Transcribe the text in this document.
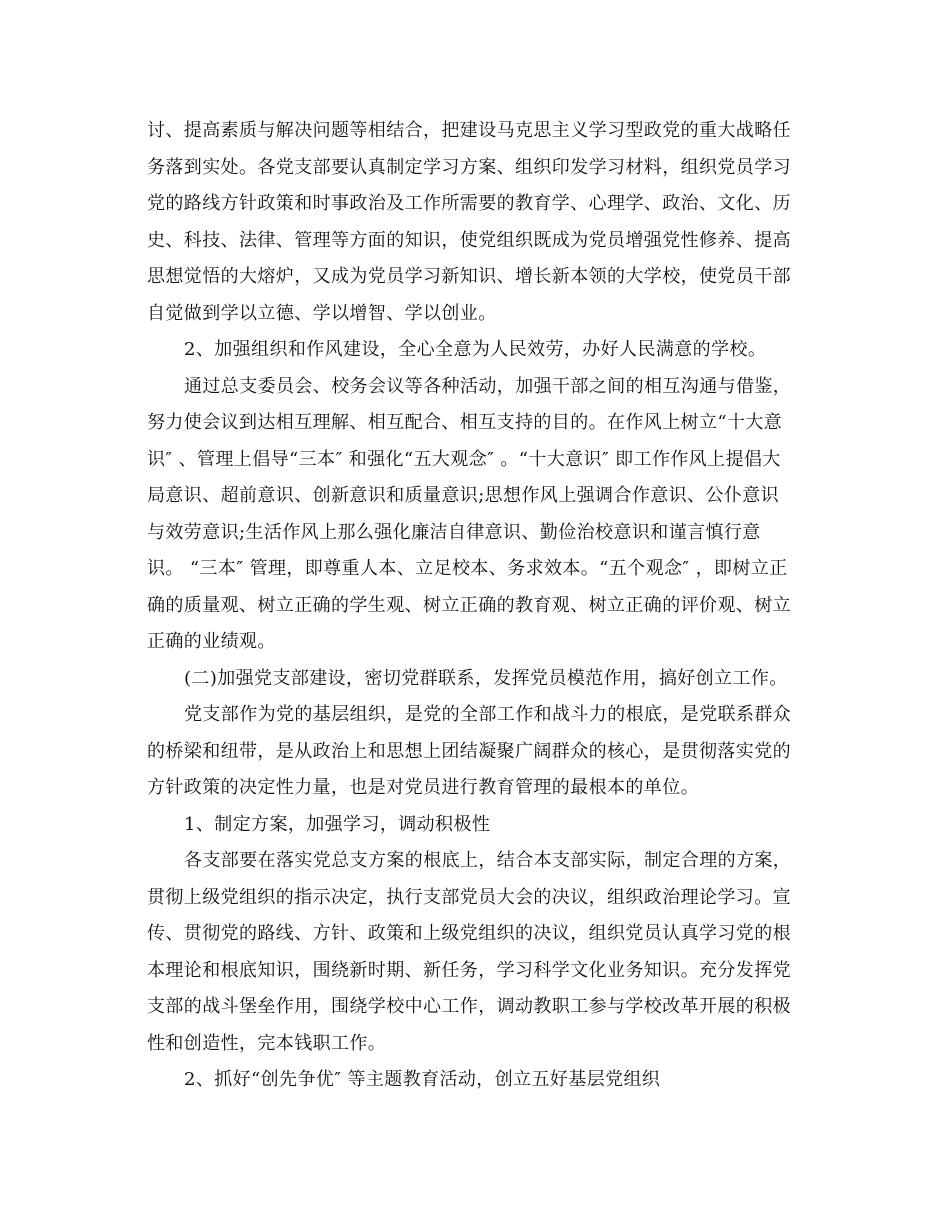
讨、提高素质与解决问题等相结合，把建设马克思主义学习型政党的重大战略任
务落到实处。各党支部要认真制定学习方案、组织印发学习材料，组织党员学习
党的路线方针政策和时事政治及工作所需要的教育学、心理学、政治、文化、历
史、科技、法律、管理等方面的知识，使党组织既成为党员增强党性修养、提高
思想觉悟的大熔炉，又成为党员学习新知识、增长新本领的大学校，使党员干部
自觉做到学以立德、学以增智、学以创业。
2、加强组织和作风建设，全心全意为人民效劳，办好人民满意的学校。
通过总支委员会、校务会议等各种活动，加强干部之间的相互沟通与借鉴，
努力使会议到达相互理解、相互配合、相互支持的目的。在作风上树立“十大意
识″ 、管理上倡导“三本″ 和强化“五大观念″ 。“十大意识″ 即工作作风上提倡大
局意识、超前意识、创新意识和质量意识;思想作风上强调合作意识、公仆意识
与效劳意识;生活作风上那么强化廉洁自律意识、勤俭治校意识和谨言慎行意
识。 “三本″ 管理，即尊重人本、立足校本、务求效本。“五个观念″ ，即树立正
确的质量观、树立正确的学生观、树立正确的教育观、树立正确的评价观、树立
正确的业绩观。
(二)加强党支部建设，密切党群联系，发挥党员模范作用，搞好创立工作。
党支部作为党的基层组织，是党的全部工作和战斗力的根底，是党联系群众
的桥梁和纽带，是从政治上和思想上团结凝聚广阔群众的核心，是贯彻落实党的
方针政策的决定性力量，也是对党员进行教育管理的最根本的单位。
1、制定方案，加强学习，调动积极性
各支部要在落实党总支方案的根底上，结合本支部实际，制定合理的方案，
贯彻上级党组织的指示决定，执行支部党员大会的决议，组织政治理论学习。宣
传、贯彻党的路线、方针、政策和上级党组织的决议，组织党员认真学习党的根
本理论和根底知识，围绕新时期、新任务，学习科学文化业务知识。充分发挥党
支部的战斗堡垒作用，围绕学校中心工作，调动教职工参与学校改革开展的积极
性和创造性，完本钱职工作。
2、抓好“创先争优″ 等主题教育活动，创立五好基层党组织
